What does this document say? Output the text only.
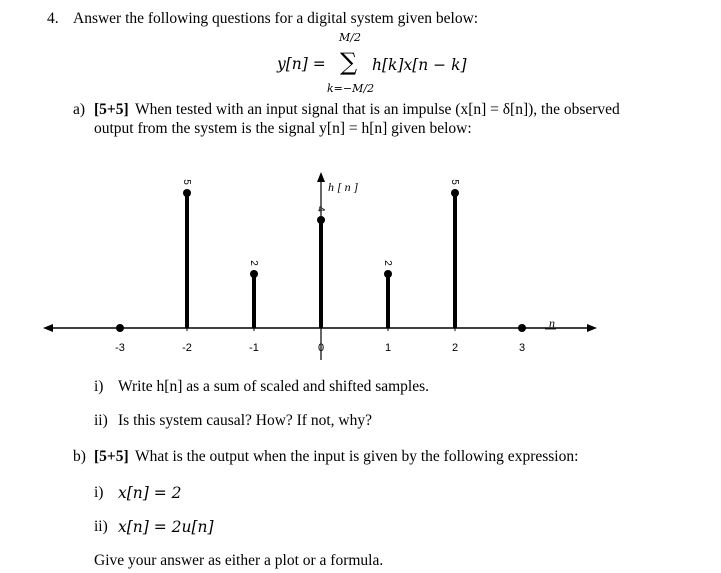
4. Answer the following questions for a digital system given below:
M/2
y[n] = ∑ h[k]x[n − k]
k=−M/2
a) [5+5] When tested with an input signal that is an impulse (x[n] = δ[n]), the observed
output from the system is the signal y[n] = h[n] given below:
h [ n ]
n
-3	-2
5
-1
2
0
4
1
2
2
5
3
i) Write h[n] as a sum of scaled and shifted samples.
ii) Is this system causal? How? If not, why?
b) [5+5] What is the output when the input is given by the following expression:
i) x[n] = 2
ii) x[n] = 2u[n]
Give your answer as either a plot or a formula.
